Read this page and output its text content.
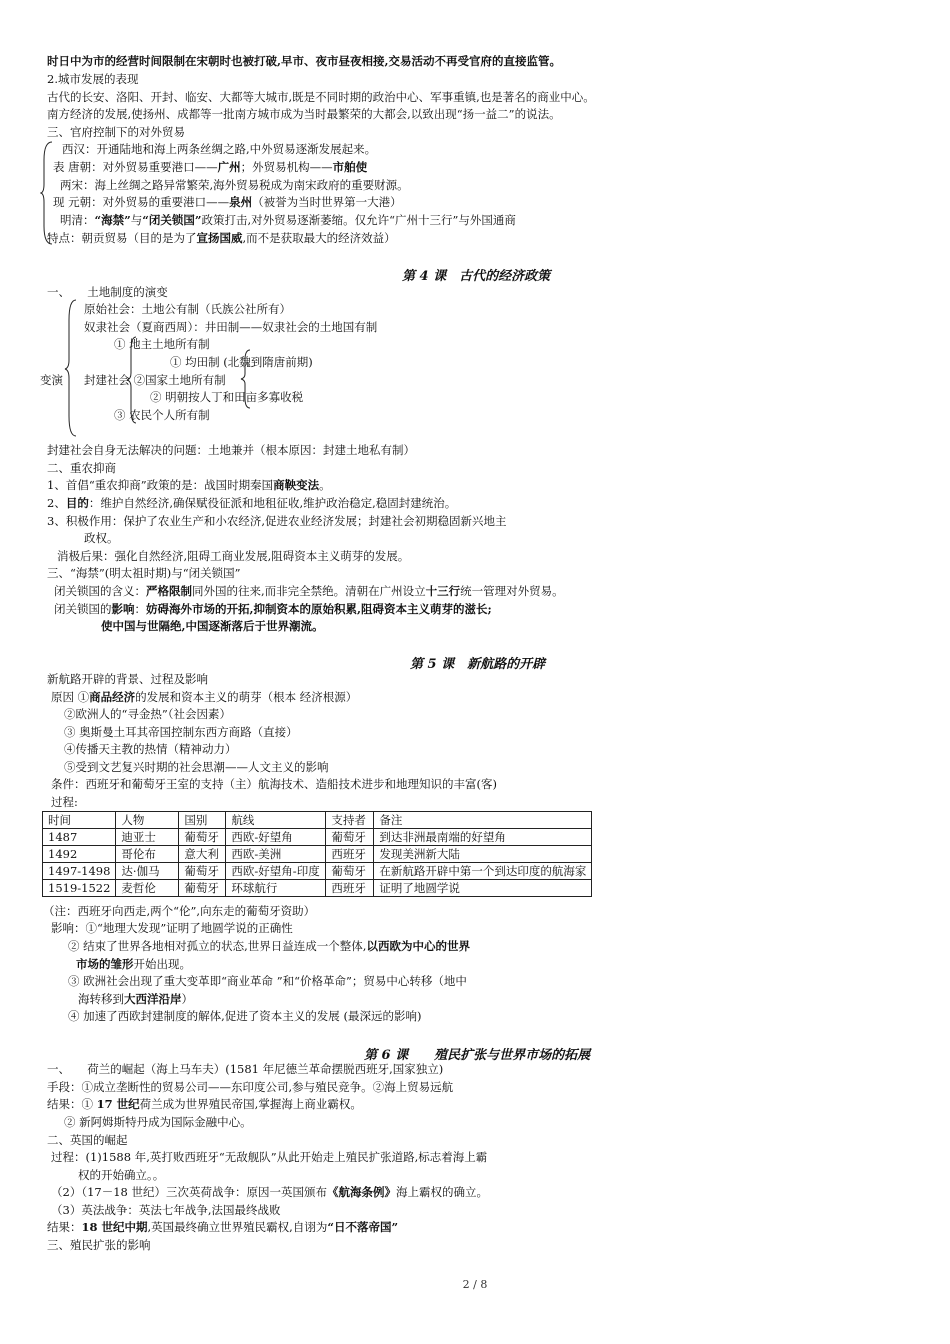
时日中为市的经营时间限制在宋朝时也被打破,早市、夜市昼夜相接,交易活动不再受官府的直接监管。
2.城市发展的表现
古代的长安、洛阳、开封、临安、大都等大城市,既是不同时期的政治中心、军事重镇,也是著名的商业中心。
南方经济的发展,使扬州、成都等一批南方城市成为当时最繁荣的大都会,以致出现“扬一益二”的说法。
三、官府控制下的对外贸易
西汉：开通陆地和海上两条丝绸之路,中外贸易逐渐发展起来。
表 唐朝：对外贸易重要港口——广州；外贸易机构——市舶使
两宋：海上丝绸之路异常繁荣,海外贸易税成为南宋政府的重要财源。
现 元朝：对外贸易的重要港口——泉州（被誉为当时世界第一大港）
明清：“海禁”与“闭关锁国”政策打击,对外贸易逐渐萎缩。仅允许“广州十三行”与外国通商
特点：朝贡贸易（目的是为了宣扬国威,而不是获取最大的经济效益）
第 4 课　古代的经济政策
一、　　土地制度的演变
原始社会：土地公有制（氏族公社所有）
奴隶社会（夏商西周）：井田制——奴隶社会的土地国有制
① 地主土地所有制
① 均田制 (北魏到隋唐前期)
变演 封建社会 ②国家土地所有制
② 明朝按人丁和田亩多寡收税
③ 农民个人所有制
封建社会自身无法解决的问题：土地兼并（根本原因：封建土地私有制）
二、重农抑商
1、首倡“重农抑商”政策的是：战国时期秦国商鞅变法。
2、目的：维护自然经济,确保赋役征派和地租征收,维护政治稳定,稳固封建统治。
3、积极作用：保护了农业生产和小农经济,促进农业经济发展；封建社会初期稳固新兴地主
政权。
消极后果：强化自然经济,阻碍工商业发展,阻碍资本主义萌芽的发展。
三、“海禁”(明太祖时期)与“闭关锁国”
闭关锁国的含义：严格限制同外国的往来,而非完全禁绝。清朝在广州设立十三行统一管理对外贸易。
闭关锁国的影响：妨碍海外市场的开拓,抑制资本的原始积累,阻碍资本主义萌芽的滋长;
使中国与世隔绝,中国逐渐落后于世界潮流。
第 5 课　新航路的开辟
新航路开辟的背景、过程及影响
原因 ①商品经济的发展和资本主义的萌芽（根本 经济根源）
②欧洲人的“寻金热”（社会因素）
③ 奥斯曼土耳其帝国控制东西方商路（直接）
④传播天主教的热情（精神动力）
⑤受到文艺复兴时期的社会思潮——人文主义的影响
条件：西班牙和葡萄牙王室的支持（主）航海技术、造船技术进步和地理知识的丰富(客)
过程:
时间	人物	国别	航线	支持者	备注
1487	迪亚士	葡萄牙	西欧-好望角	葡萄牙	到达非洲最南端的好望角
1492	哥伦布	意大利	西欧-美洲	西班牙	发现美洲新大陆
1497-1498	达·伽马	葡萄牙	西欧-好望角-印度	葡萄牙	在新航路开辟中第一个到达印度的航海家
1519-1522	麦哲伦	葡萄牙	环球航行	西班牙	证明了地圆学说
（注：西班牙向西走,两个“伦”,向东走的葡萄牙资助）
影响：①“地理大发现”证明了地圆学说的正确性
② 结束了世界各地相对孤立的状态,世界日益连成一个整体,以西欧为中心的世界
市场的雏形开始出现。
③ 欧洲社会出现了重大变革即“商业革命 ”和“价格革命”；贸易中心转移（地中
海转移到大西洋沿岸）
④ 加速了西欧封建制度的解体,促进了资本主义的发展 (最深远的影响)
第 6 课　　殖民扩张与世界市场的拓展
一、　　荷兰的崛起（海上马车夫）(1581 年尼德兰革命摆脱西班牙,国家独立)
手段：①成立垄断性的贸易公司——东印度公司,参与殖民竞争。②海上贸易远航
结果：① 17 世纪荷兰成为世界殖民帝国,掌握海上商业霸权。
② 新阿姆斯特丹成为国际金融中心。
二、英国的崛起
过程：(1)1588 年,英打败西班牙“无敌舰队”从此开始走上殖民扩张道路,标志着海上霸
权的开始确立。。
（2）（17－18 世纪）三次英荷战争：原因一英国颁布《航海条例》海上霸权的确立。
（3）英法战争：英法七年战争,法国最终战败
结果：18 世纪中期,英国最终确立世界殖民霸权,自诩为“日不落帝国”
三、殖民扩张的影响
2 / 8
